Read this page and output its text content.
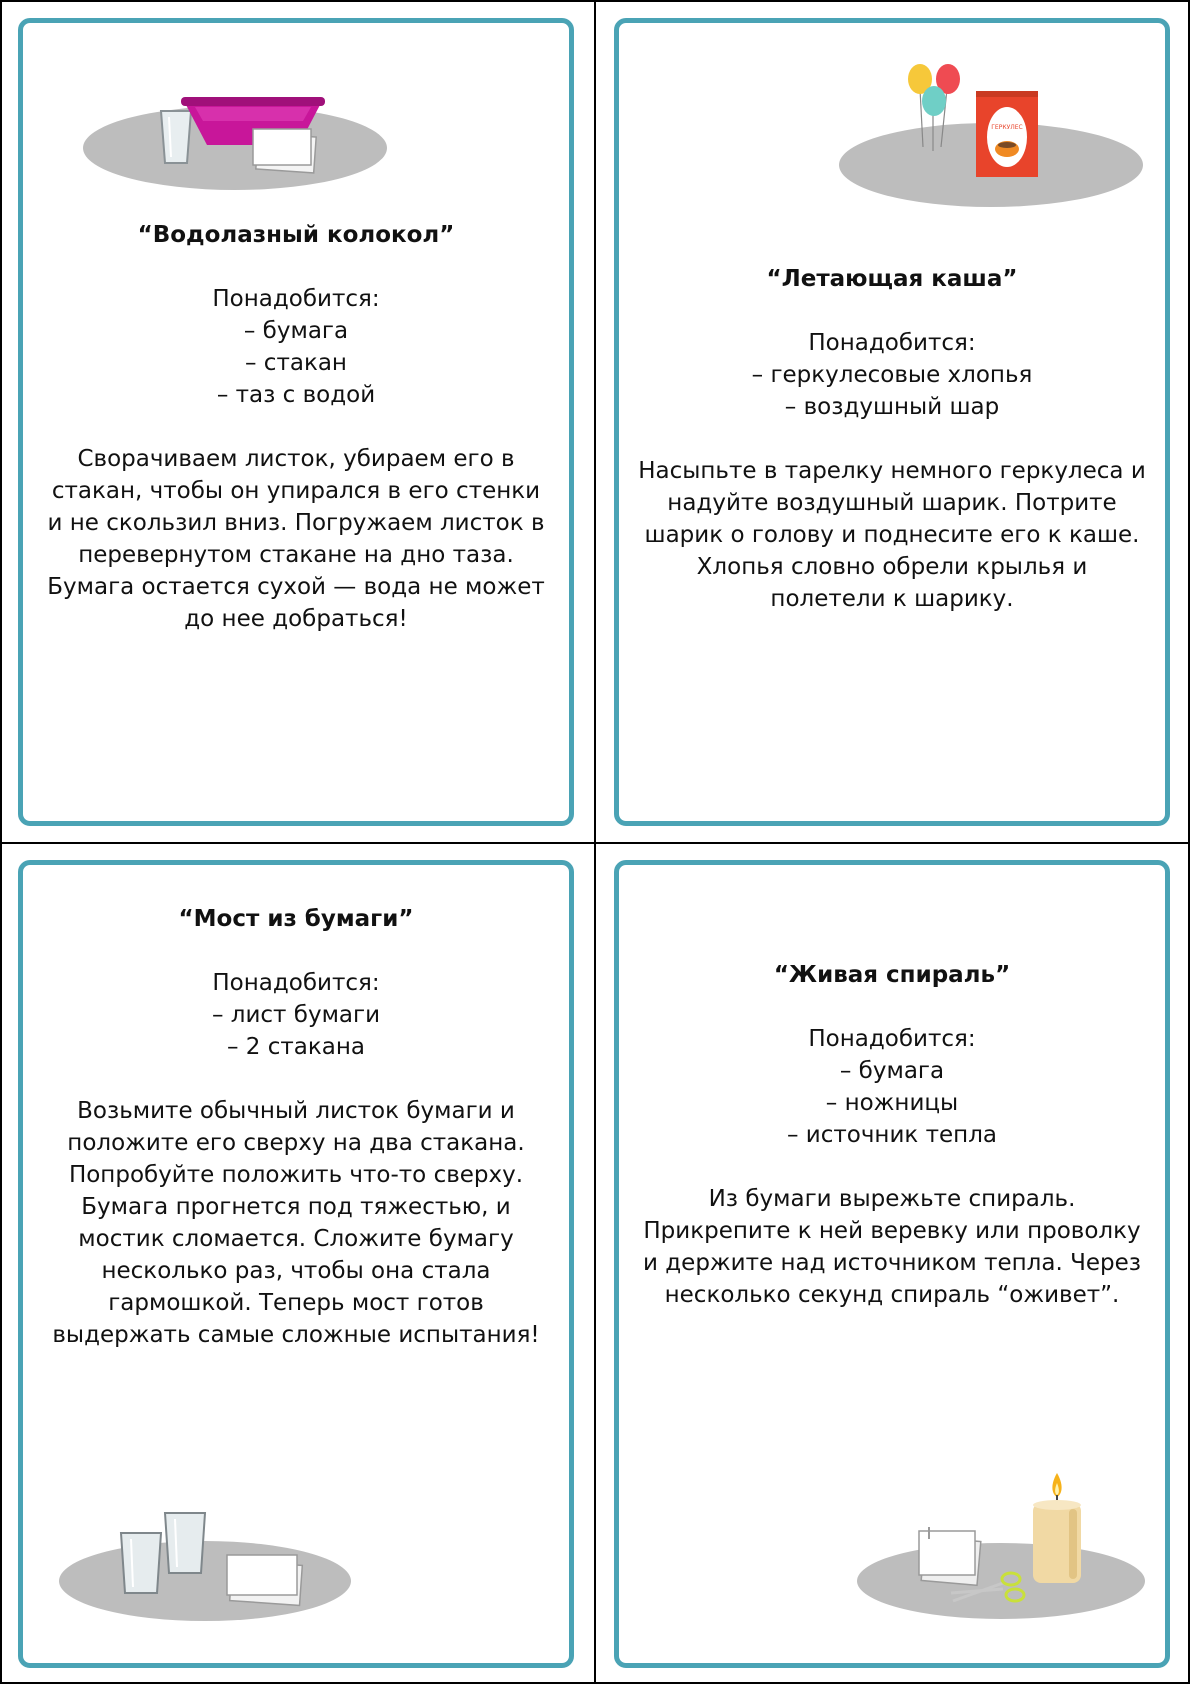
“Водолазный колокол”
Понадобится:
– бумага
– стакан
– таз с водой
Сворачиваем листок, убираем его в стакан, чтобы он упирался в его стенки и не скользил вниз. Погружаем листок в перевернутом стакане на дно таза. Бумага остается сухой — вода не может до нее добраться!
ГЕРКУЛЕС
“Летающая каша”
Понадобится:
– геркулесовые хлопья
– воздушный шар
Насыпьте в тарелку немного геркулеса и надуйте воздушный шарик. Потрите шарик о голову и поднесите его к каше. Хлопья словно обрели крылья и полетели к шарику.
“Мост из бумаги”
Понадобится:
– лист бумаги
– 2 стакана
Возьмите обычный листок бумаги и положите его сверху на два стакана. Попробуйте положить что-то сверху. Бумага прогнется под тяжестью, и мостик сломается. Сложите бумагу несколько раз, чтобы она стала гармошкой. Теперь мост готов выдержать самые сложные испытания!
“Живая спираль”
Понадобится:
– бумага
– ножницы
– источник тепла
Из бумаги вырежьте спираль. Прикрепите к ней веревку или проволку и держите над источником тепла. Через несколько секунд спираль “оживет”.
